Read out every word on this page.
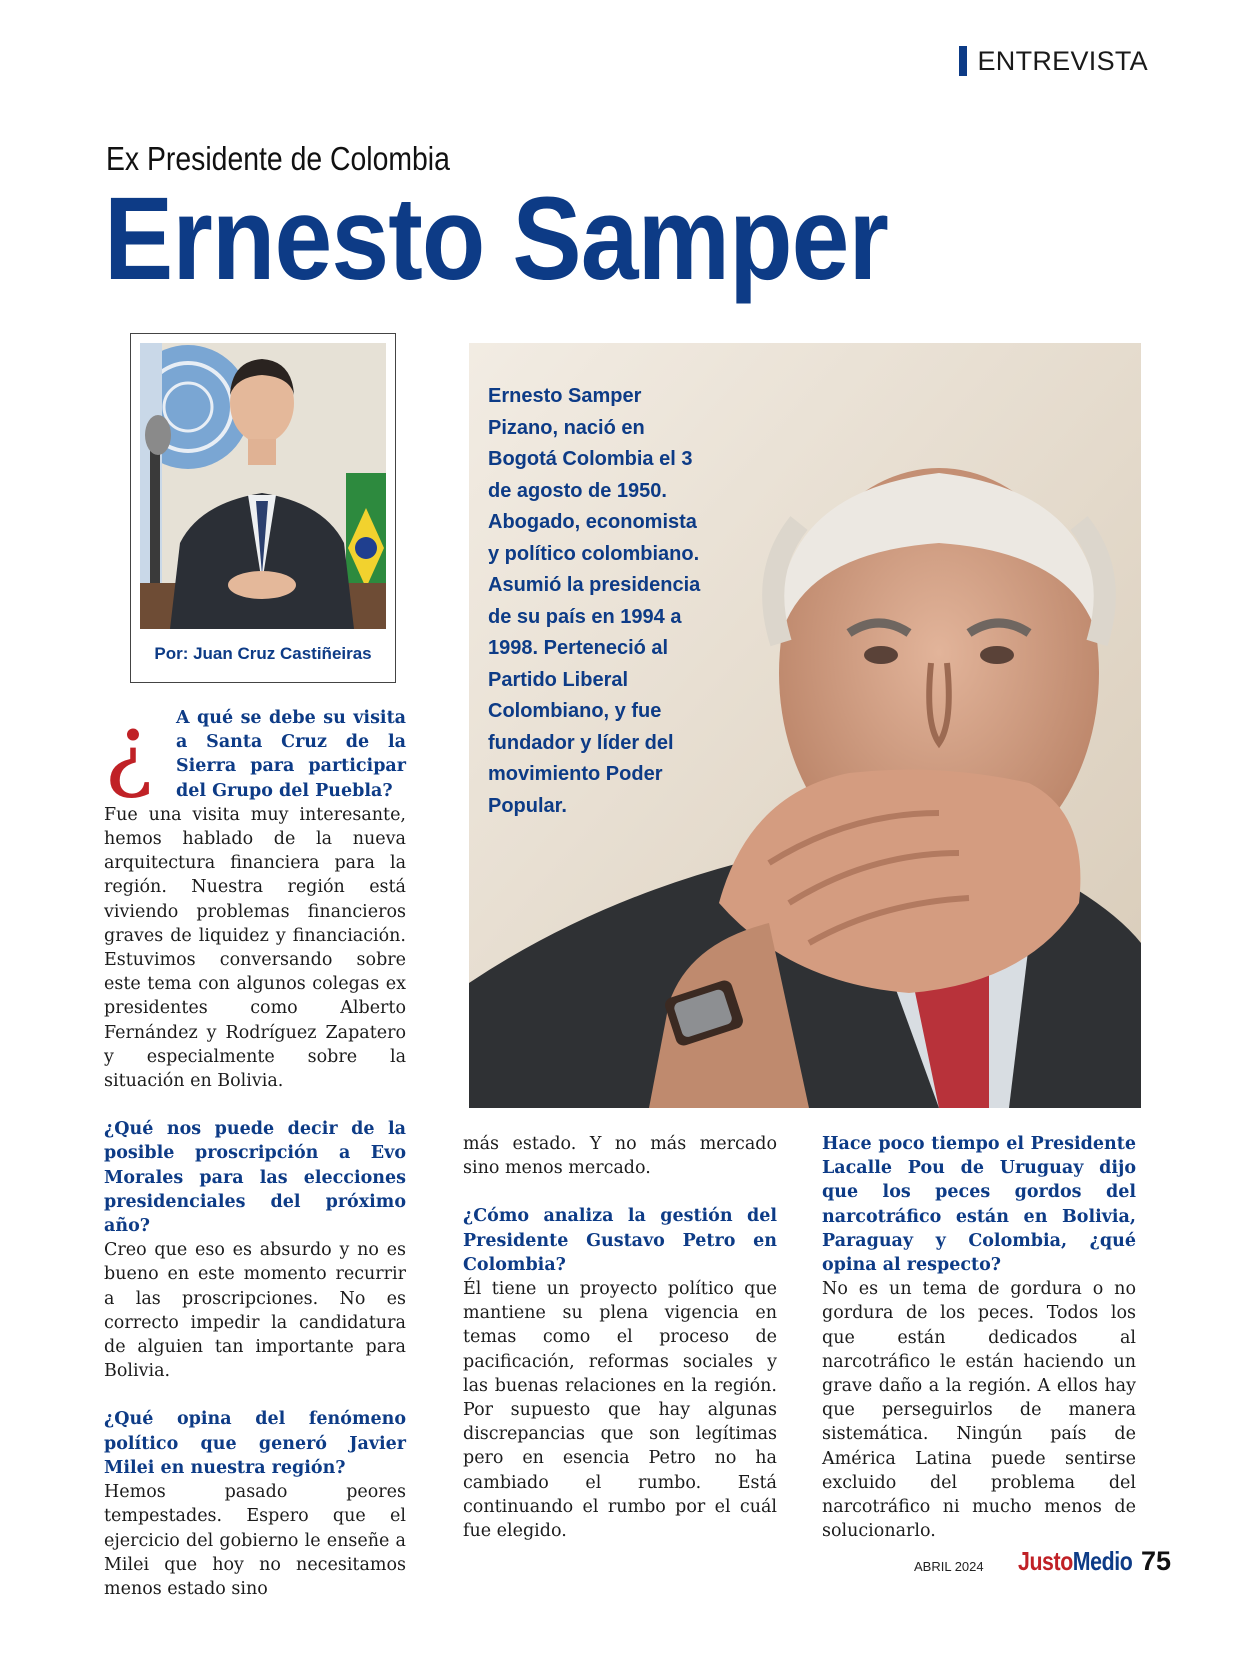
ENTREVISTA
Ex Presidente de Colombia
Ernesto Samper
Por: Juan Cruz Castiñeiras
Ernesto Samper Pizano, nació en Bogotá Colombia el 3 de agosto de 1950. Abogado, economista y político colombiano. Asumió la presidencia de su país en 1994 a 1998. Perteneció al Partido Liberal Colombiano, y fue fundador y líder del movimiento Poder Popular.
¿	A qué se debe su visita a Santa Cruz de la Sierra para participar del Grupo del Puebla?

Fue una visita muy interesante, hemos hablado de la nueva arquitectura financiera para la región. Nuestra región está viviendo problemas financieros graves de liquidez y financiación. Estuvimos conversando sobre este tema con algunos colegas ex presidentes como Alberto Fernández y Rodríguez Zapatero y especialmente sobre la situación en Bolivia.

¿Qué nos puede decir de la posible proscripción a Evo Morales para las elecciones presidenciales del próximo año?

Creo que eso es absurdo y no es bueno en este momento recurrir a las proscripciones. No es correcto impedir la candidatura de alguien tan importante para Bolivia.

¿Qué opina del fenómeno político que generó Javier Milei en nuestra región?

Hemos pasado peores tempestades. Espero que el ejercicio del gobierno le enseñe a Milei que hoy no necesitamos menos estado sino

más estado. Y no más mercado sino menos mercado.

¿Cómo analiza la gestión del Presidente Gustavo Petro en Colombia?

Él tiene un proyecto político que mantiene su plena vigencia en temas como el proceso de pacificación, reformas sociales y las buenas relaciones en la región. Por supuesto que hay algunas discrepancias que son legítimas pero en esencia Petro no ha cambiado el rumbo. Está continuando el rumbo por el cuál fue elegido.

Hace poco tiempo el Presidente Lacalle Pou de Uruguay dijo que los peces gordos del narcotráfico están en Bolivia, Paraguay y Colombia, ¿qué opina al respecto?

No es un tema de gordura o no gordura de los peces. Todos los que están dedicados al narcotráfico le están haciendo un grave daño a la región. A ellos hay que perseguirlos de manera sistemática. Ningún país de América Latina puede sentirse excluido del problema del narcotráfico ni mucho menos de solucionarlo.

ABRIL 2024 JustoMedio 75
